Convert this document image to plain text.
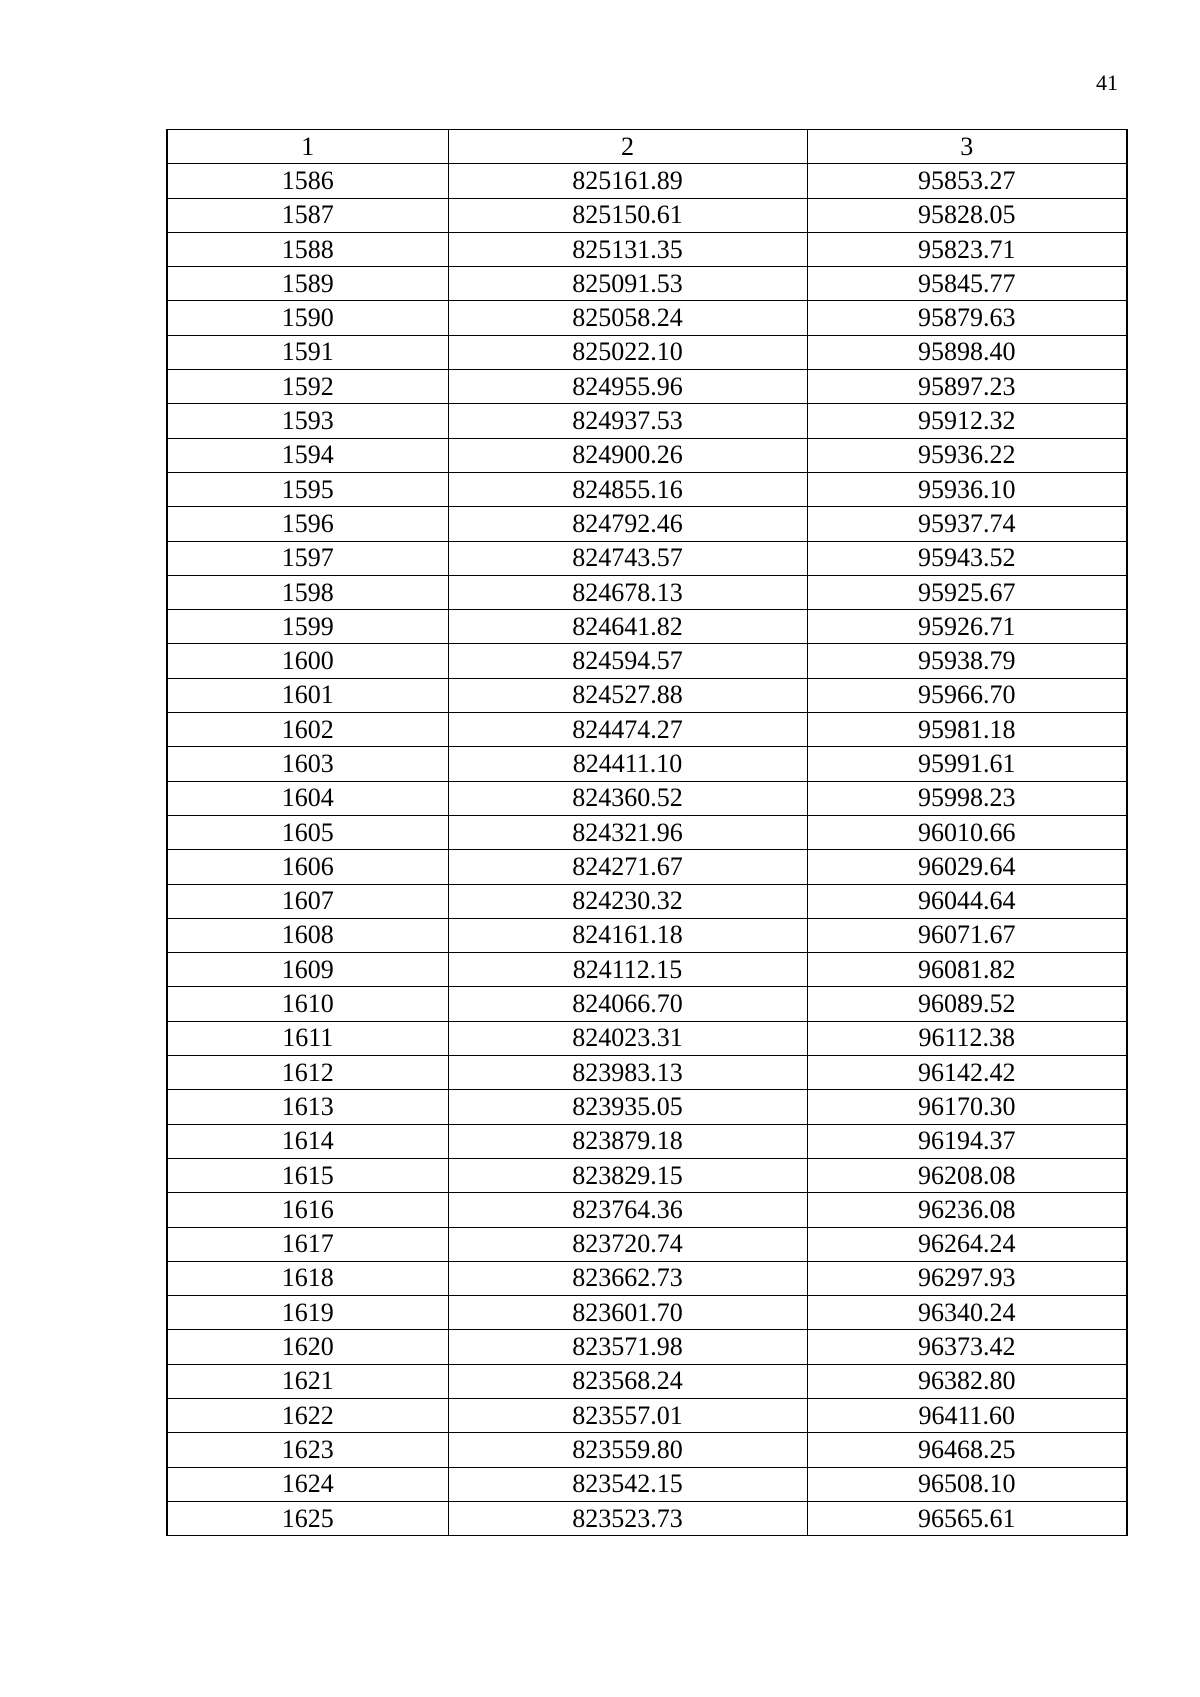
41
1	2	3
1586	825161.89	95853.27
1587	825150.61	95828.05
1588	825131.35	95823.71
1589	825091.53	95845.77
1590	825058.24	95879.63
1591	825022.10	95898.40
1592	824955.96	95897.23
1593	824937.53	95912.32
1594	824900.26	95936.22
1595	824855.16	95936.10
1596	824792.46	95937.74
1597	824743.57	95943.52
1598	824678.13	95925.67
1599	824641.82	95926.71
1600	824594.57	95938.79
1601	824527.88	95966.70
1602	824474.27	95981.18
1603	824411.10	95991.61
1604	824360.52	95998.23
1605	824321.96	96010.66
1606	824271.67	96029.64
1607	824230.32	96044.64
1608	824161.18	96071.67
1609	824112.15	96081.82
1610	824066.70	96089.52
1611	824023.31	96112.38
1612	823983.13	96142.42
1613	823935.05	96170.30
1614	823879.18	96194.37
1615	823829.15	96208.08
1616	823764.36	96236.08
1617	823720.74	96264.24
1618	823662.73	96297.93
1619	823601.70	96340.24
1620	823571.98	96373.42
1621	823568.24	96382.80
1622	823557.01	96411.60
1623	823559.80	96468.25
1624	823542.15	96508.10
1625	823523.73	96565.61
